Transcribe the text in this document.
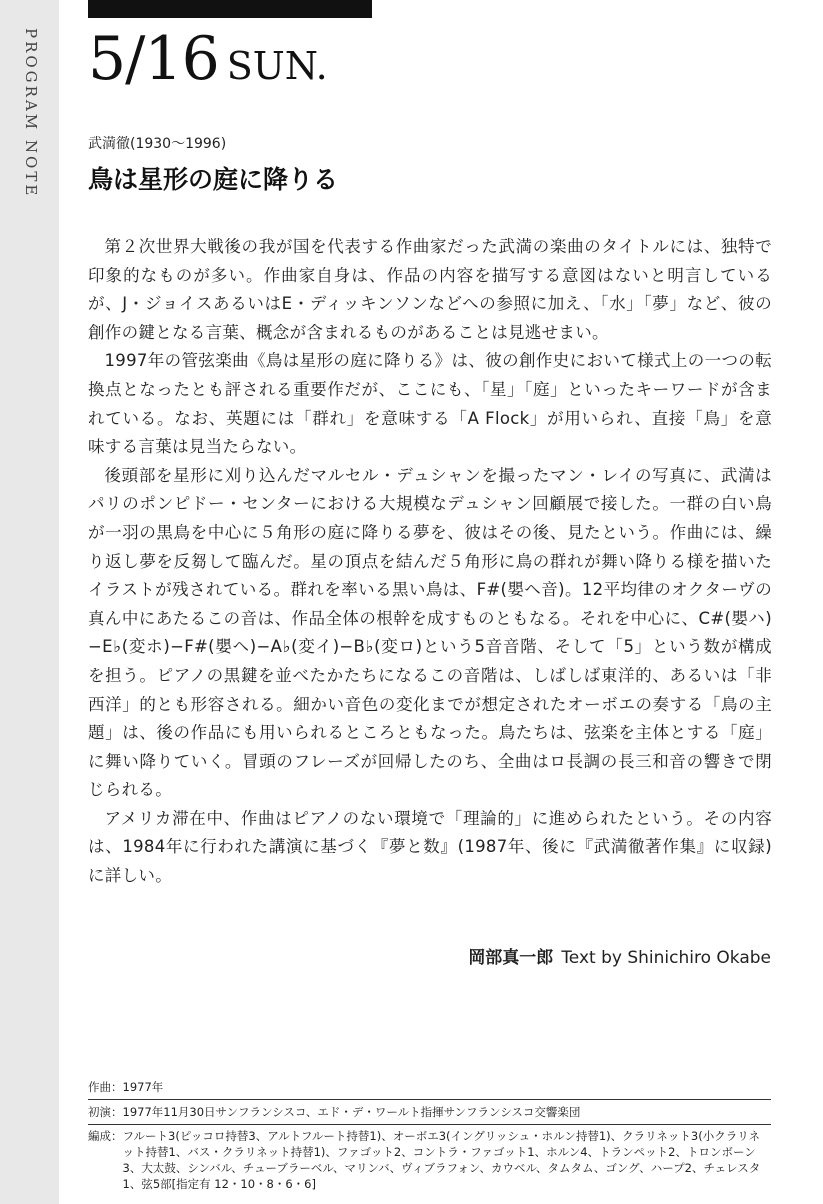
PROGRAM NOTE 5/16 SUN.
武満徹(1930〜1996)
鳥は星形の庭に降りる

第２次世界大戦後の我が国を代表する作曲家だった武満の楽曲のタイトルには、独特で印象的なものが多い。作曲家自身は、作品の内容を描写する意図はないと明言しているが、J・ジョイスあるいはE・ディッキンソンなどへの参照に加え、「水」「夢」など、彼の創作の鍵となる言葉、概念が含まれるものがあることは見逃せまい。

1997年の管弦楽曲《鳥は星形の庭に降りる》は、彼の創作史において様式上の一つの転換点となったとも評される重要作だが、ここにも、「星」「庭」といったキーワードが含まれている。なお、英題には「群れ」を意味する「A Flock」が用いられ、直接「鳥」を意味する言葉は見当たらない。

後頭部を星形に刈り込んだマルセル・デュシャンを撮ったマン・レイの写真に、武満はパリのポンピドー・センターにおける大規模なデュシャン回顧展で接した。一群の白い鳥が一羽の黒鳥を中心に５角形の庭に降りる夢を、彼はその後、見たという。作曲には、繰り返し夢を反芻して臨んだ。星の頂点を結んだ５角形に鳥の群れが舞い降りる様を描いたイラストが残されている。群れを率いる黒い鳥は、F#(嬰ヘ音)。12平均律のオクターヴの真ん中にあたるこの音は、作品全体の根幹を成すものともなる。それを中心に、C#(嬰ハ)−E♭(変ホ)−F#(嬰ヘ)−A♭(変イ)−B♭(変ロ)という5音音階、そして「5」という数が構成を担う。ピアノの黒鍵を並べたかたちになるこの音階は、しばしば東洋的、あるいは「非西洋」的とも形容される。細かい音色の変化までが想定されたオーボエの奏する「鳥の主題」は、後の作品にも用いられるところともなった。鳥たちは、弦楽を主体とする「庭」に舞い降りていく。冒頭のフレーズが回帰したのち、全曲はロ長調の長三和音の響きで閉じられる。

アメリカ滞在中、作曲はピアノのない環境で「理論的」に進められたという。その内容は、1984年に行われた講演に基づく『夢と数』(1987年、後に『武満徹著作集』に収録)に詳しい。

岡部真一郎 Text by Shinichiro Okabe
作曲：1977年
初演：1977年11月30日サンフランシスコ、エド・デ・ワールト指揮サンフランシスコ交響楽団
編成： フルート3(ピッコロ持替3、アルトフルート持替1)、オーボエ3(イングリッシュ・ホルン持替1)、クラリネット3(小クラリネット持替1、バス・クラリネット持替1)、ファゴット2、コントラ・ファゴット1、ホルン4、トランペット2、トロンボーン3、大太鼓、シンバル、チューブラーベル、マリンバ、ヴィブラフォン、カウベル、タムタム、ゴング、ハープ2、チェレスタ1、弦5部[指定有 12・10・8・6・6]
